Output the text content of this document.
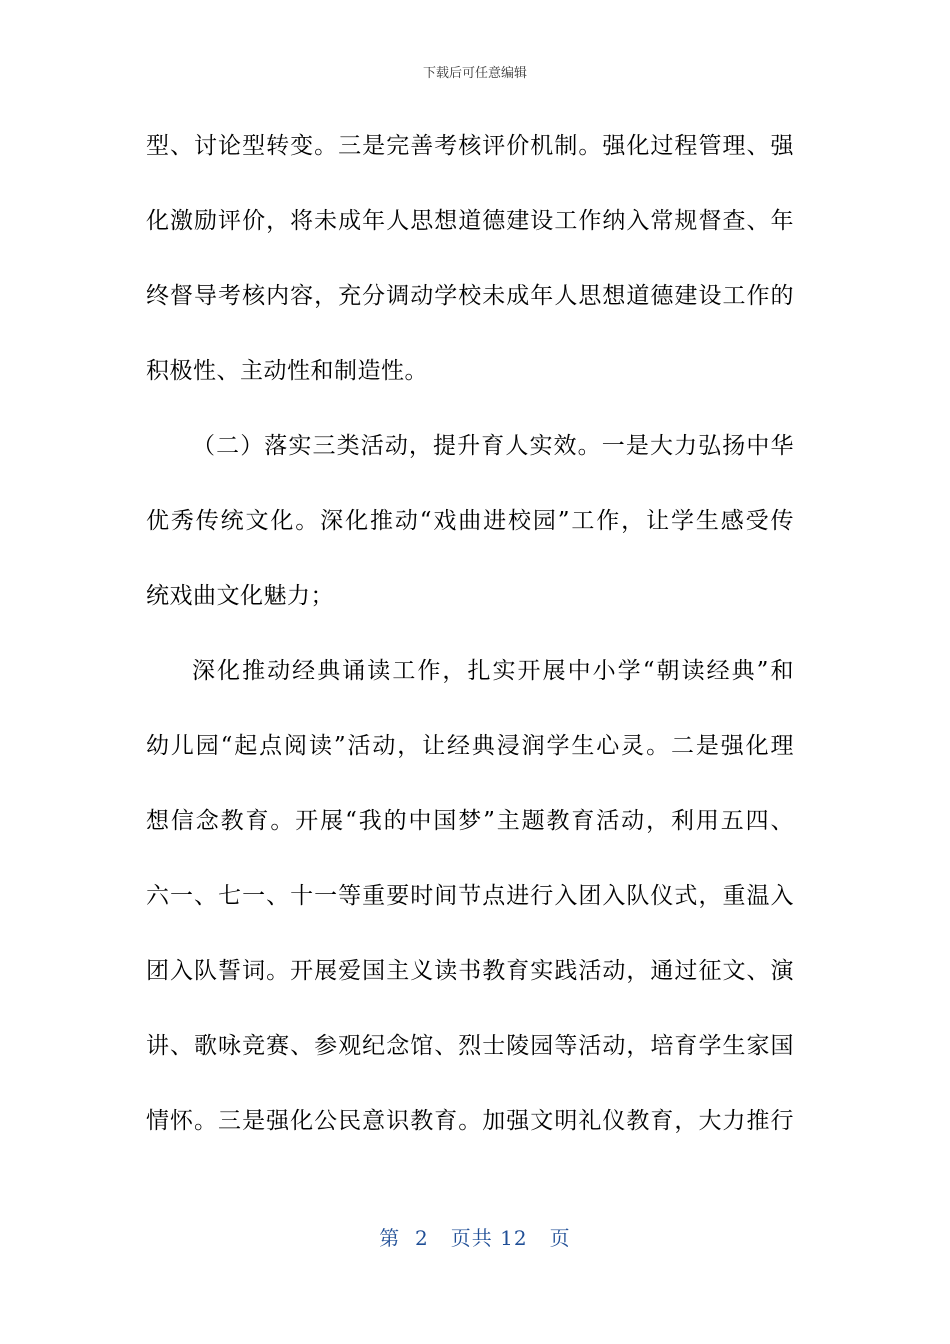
下载后可任意编辑
型、讨论型转变。三是完善考核评价机制。强化过程管理、强
化激励评价，将未成年人思想道德建设工作纳入常规督查、年
终督导考核内容，充分调动学校未成年人思想道德建设工作的
积极性、主动性和制造性。
（二）落实三类活动，提升育人实效。一是大力弘扬中华
优秀传统文化。深化推动“戏曲进校园”工作，让学生感受传
统戏曲文化魅力；
深化推动经典诵读工作，扎实开展中小学“朝读经典”和
幼儿园“起点阅读”活动，让经典浸润学生心灵。二是强化理
想信念教育。开展“我的中国梦”主题教育活动，利用五四、
六一、七一、十一等重要时间节点进行入团入队仪式，重温入
团入队誓词。开展爱国主义读书教育实践活动，通过征文、演
讲、歌咏竞赛、参观纪念馆、烈士陵园等活动，培育学生家国
情怀。三是强化公民意识教育。加强文明礼仪教育，大力推行
第  2   页共 12   页
